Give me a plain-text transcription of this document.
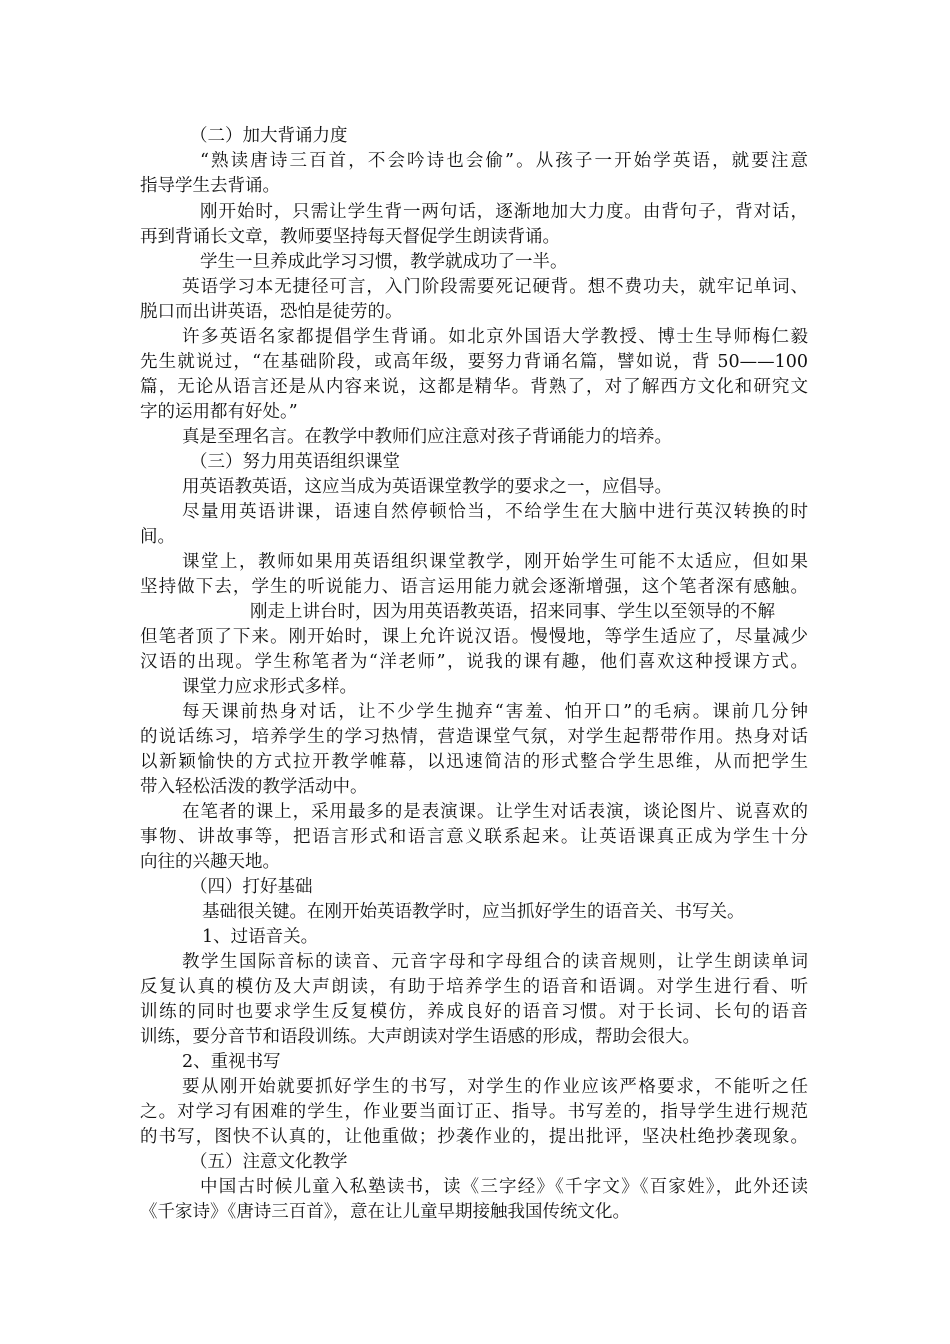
（二）加大背诵力度
“熟读唐诗三百首，不会吟诗也会偷”。从孩子一开始学英语，就要注意
指导学生去背诵。
刚开始时，只需让学生背一两句话，逐渐地加大力度。由背句子，背对话，
再到背诵长文章，教师要坚持每天督促学生朗读背诵。
学生一旦养成此学习习惯，教学就成功了一半。
英语学习本无捷径可言，入门阶段需要死记硬背。想不费功夫，就牢记单词、
脱口而出讲英语，恐怕是徒劳的。
许多英语名家都提倡学生背诵。如北京外国语大学教授、博士生导师梅仁毅
先生就说过，“在基础阶段，或高年级，要努力背诵名篇，譬如说，背 50——100
篇，无论从语言还是从内容来说，这都是精华。背熟了，对了解西方文化和研究文
字的运用都有好处。”
真是至理名言。在教学中教师们应注意对孩子背诵能力的培养。
（三）努力用英语组织课堂
用英语教英语，这应当成为英语课堂教学的要求之一，应倡导。
尽量用英语讲课，语速自然停顿恰当，不给学生在大脑中进行英汉转换的时
间。
课堂上，教师如果用英语组织课堂教学，刚开始学生可能不太适应，但如果
坚持做下去，学生的听说能力、语言运用能力就会逐渐增强，这个笔者深有感触。
刚走上讲台时，因为用英语教英语，招来同事、学生以至领导的不解
但笔者顶了下来。刚开始时，课上允许说汉语。慢慢地，等学生适应了，尽量减少
汉语的出现。学生称笔者为“洋老师”，说我的课有趣，他们喜欢这种授课方式。
课堂力应求形式多样。
每天课前热身对话，让不少学生抛弃“害羞、怕开口”的毛病。课前几分钟
的说话练习，培养学生的学习热情，营造课堂气氛，对学生起帮带作用。热身对话
以新颖愉快的方式拉开教学帷幕，以迅速简洁的形式整合学生思维，从而把学生
带入轻松活泼的教学活动中。
在笔者的课上，采用最多的是表演课。让学生对话表演，谈论图片、说喜欢的
事物、讲故事等，把语言形式和语言意义联系起来。让英语课真正成为学生十分
向往的兴趣天地。
（四）打好基础
基础很关键。在刚开始英语教学时，应当抓好学生的语音关、书写关。
1、过语音关。
教学生国际音标的读音、元音字母和字母组合的读音规则，让学生朗读单词
反复认真的模仿及大声朗读，有助于培养学生的语音和语调。对学生进行看、听
训练的同时也要求学生反复模仿，养成良好的语音习惯。对于长词、长句的语音
训练，要分音节和语段训练。大声朗读对学生语感的形成，帮助会很大。
2、重视书写
要从刚开始就要抓好学生的书写，对学生的作业应该严格要求，不能听之任
之。对学习有困难的学生，作业要当面订正、指导。书写差的，指导学生进行规范
的书写，图快不认真的，让他重做；抄袭作业的，提出批评，坚决杜绝抄袭现象。
（五）注意文化教学
中国古时候儿童入私塾读书，读《三字经》《千字文》《百家姓》，此外还读
《千家诗》《唐诗三百首》，意在让儿童早期接触我国传统文化。
